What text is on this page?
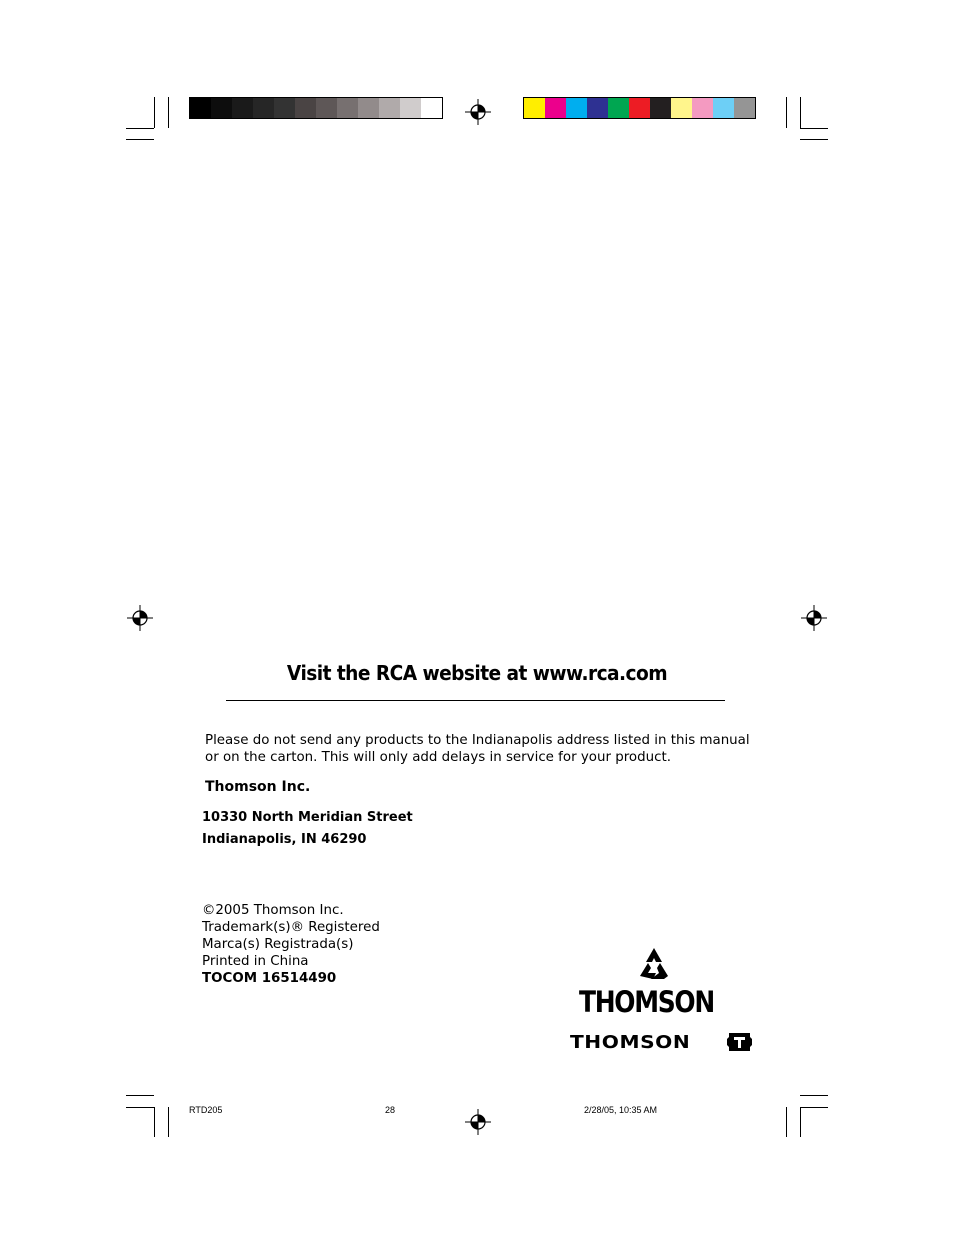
Visit the RCA website at www.rca.com
Please do not send any products to the Indianapolis address listed in this manual or on the carton. This will only add delays in service for your product.
Thomson Inc.
10330 North Meridian Street
Indianapolis, IN 46290
©2005 Thomson Inc.
Trademark(s)® Registered
Marca(s) Registrada(s)
Printed in China
TOCOM 16514490
THOMSON
THOMSON
RTD205	28	2/28/05, 10:35 AM
